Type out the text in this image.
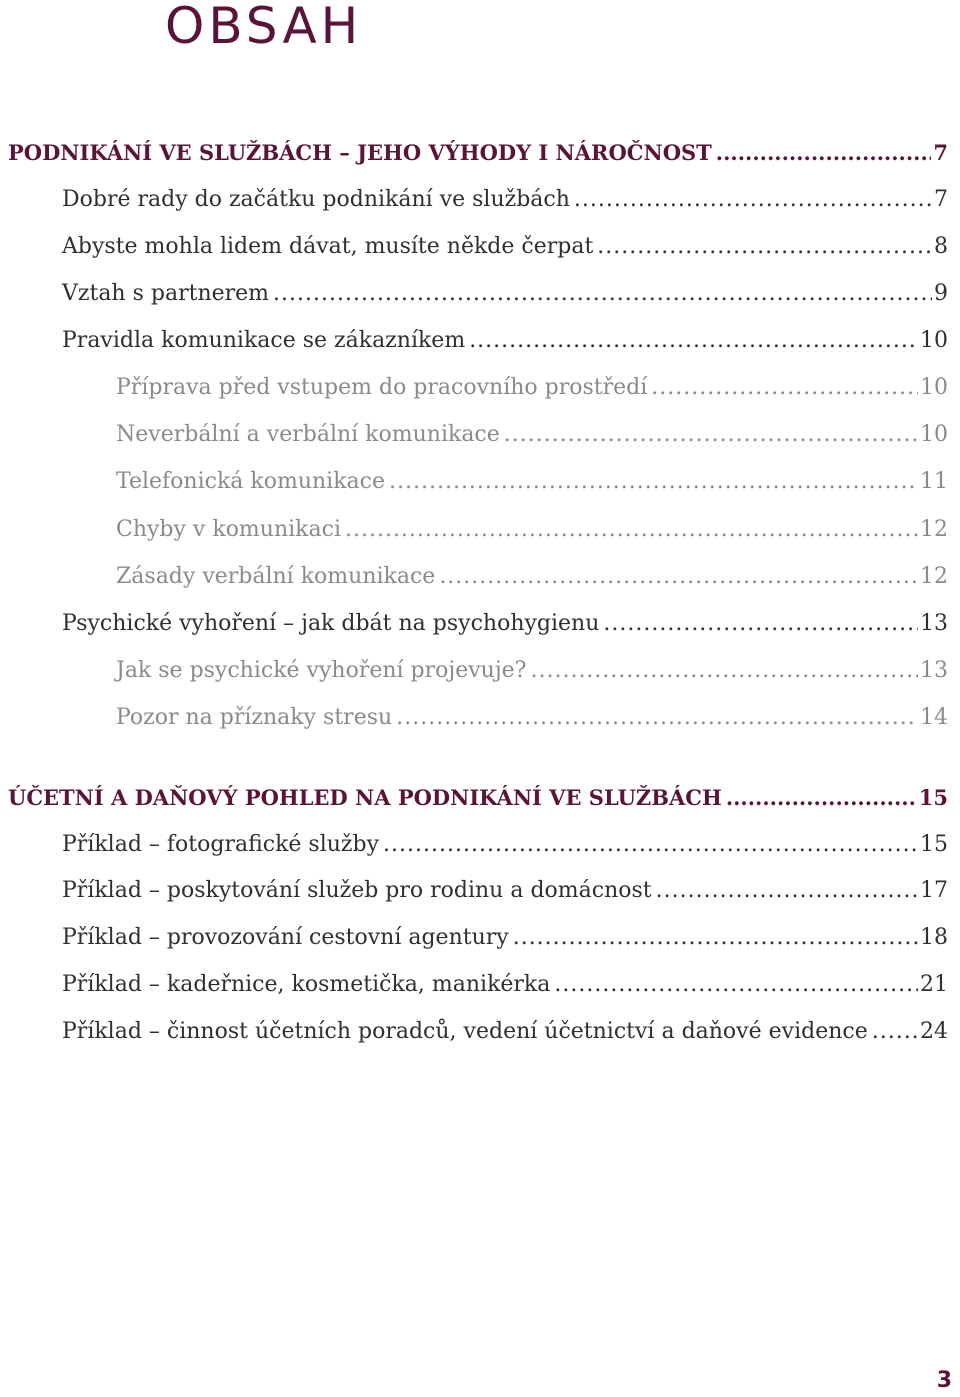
OBSAH
PODNIKÁNÍ VE SLUŽBÁCH – JEHO VÝHODY I NÁROČNOST .....	7
Dobré rady do začátku podnikání ve službách .....	7
Abyste mohla lidem dávat, musíte někde čerpat .....	8
Vztah s partnerem .....	9
Pravidla komunikace se zákazníkem .....	10
Příprava před vstupem do pracovního prostředí .....	10
Neverbální a verbální komunikace .....	10
Telefonická komunikace .....	11
Chyby v komunikaci .....	12
Zásady verbální komunikace .....	12
Psychické vyhoření – jak dbát na psychohygienu .....	13
Jak se psychické vyhoření projevuje? .....	13
Pozor na příznaky stresu .....	14
ÚČETNÍ A DAŇOVÝ POHLED NA PODNIKÁNÍ VE SLUŽBÁCH .....	15
Příklad – fotografické služby .....	15
Příklad – poskytování služeb pro rodinu a domácnost .....	17
Příklad – provozování cestovní agentury .....	18
Příklad – kadeřnice, kosmetička, manikérka .....	21
Příklad – činnost účetních poradců, vedení účetnictví a daňové evidence ..... 24
3
